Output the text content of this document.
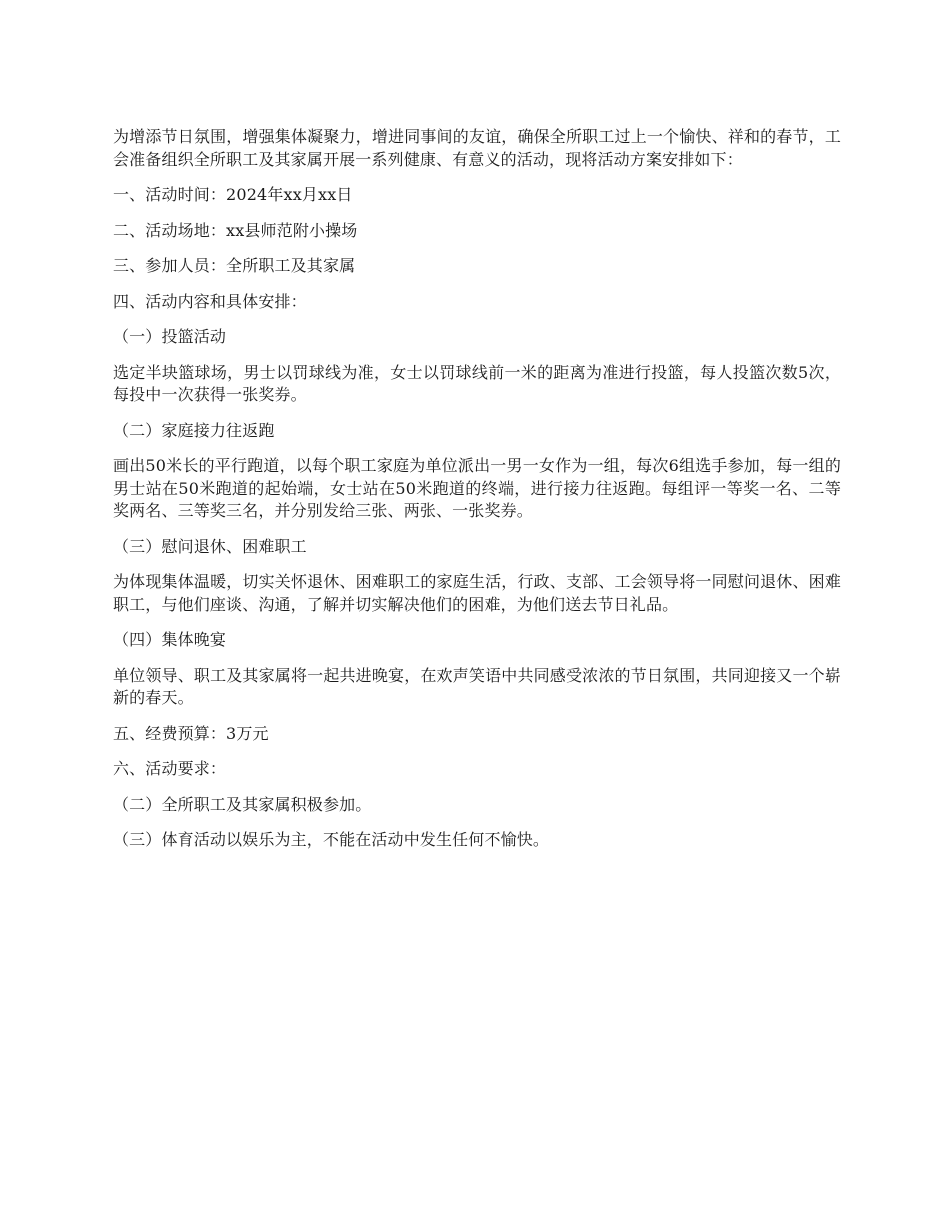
为增添节日氛围，增强集体凝聚力，增进同事间的友谊，确保全所职工过上一个愉快、祥和的春节，工会准备组织全所职工及其家属开展一系列健康、有意义的活动，现将活动方案安排如下：

一、活动时间：2024年xx月xx日

二、活动场地：xx县师范附小操场

三、参加人员：全所职工及其家属

四、活动内容和具体安排：

（一）投篮活动

选定半块篮球场，男士以罚球线为准，女士以罚球线前一米的距离为准进行投篮，每人投篮次数5次，每投中一次获得一张奖券。

（二）家庭接力往返跑

画出50米长的平行跑道，以每个职工家庭为单位派出一男一女作为一组，每次6组选手参加，每一组的男士站在50米跑道的起始端，女士站在50米跑道的终端，进行接力往返跑。每组评一等奖一名、二等奖两名、三等奖三名，并分别发给三张、两张、一张奖券。

（三）慰问退休、困难职工

为体现集体温暖，切实关怀退休、困难职工的家庭生活，行政、支部、工会领导将一同慰问退休、困难职工，与他们座谈、沟通，了解并切实解决他们的困难，为他们送去节日礼品。

（四）集体晚宴

单位领导、职工及其家属将一起共进晚宴，在欢声笑语中共同感受浓浓的节日氛围，共同迎接又一个崭新的春天。

五、经费预算：3万元

六、活动要求：

（二）全所职工及其家属积极参加。

（三）体育活动以娱乐为主，不能在活动中发生任何不愉快。
